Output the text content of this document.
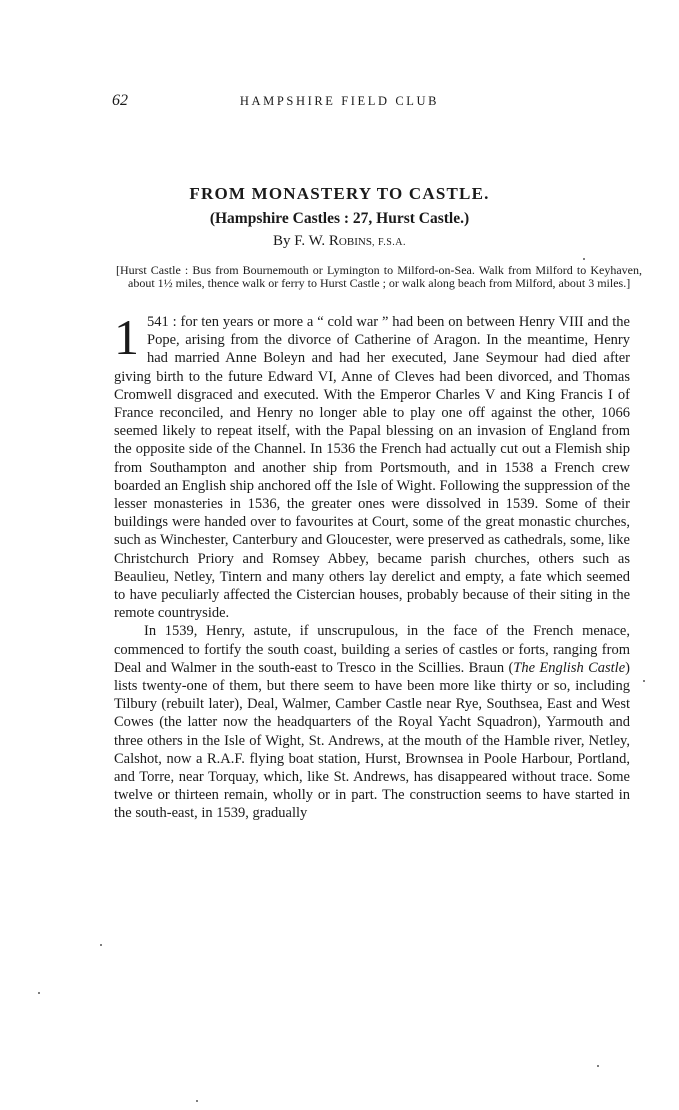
62	HAMPSHIRE FIELD CLUB
FROM MONASTERY TO CASTLE.
(Hampshire Castles : 27, Hurst Castle.)
By F. W. Robins, F.S.A.
[Hurst Castle : Bus from Bournemouth or Lymington to Milford-on-Sea. Walk from Milford to Keyhaven, about 1½ miles, thence walk or ferry to Hurst Castle ; or walk along beach from Milford, about 3 miles.]

1 541 : for ten years or more a “ cold war ” had been on between Henry VIII and the Pope, arising from the divorce of Catherine of Aragon. In the meantime, Henry had married Anne Boleyn and had her executed, Jane Seymour had died after giving birth to the future Edward VI, Anne of Cleves had been divorced, and Thomas Cromwell disgraced and executed. With the Emperor Charles V and King Francis I of France reconciled, and Henry no longer able to play one off against the other, 1066 seemed likely to repeat itself, with the Papal blessing on an invasion of England from the opposite side of the Channel. In 1536 the French had actually cut out a Flemish ship from Southampton and another ship from Portsmouth, and in 1538 a French crew boarded an English ship anchored off the Isle of Wight. Following the suppression of the lesser monasteries in 1536, the greater ones were dissolved in 1539. Some of their buildings were handed over to favourites at Court, some of the great monastic churches, such as Winchester, Canterbury and Gloucester, were preserved as cathedrals, some, like Christchurch Priory and Romsey Abbey, became parish churches, others such as Beaulieu, Netley, Tintern and many others lay derelict and empty, a fate which seemed to have peculiarly affected the Cistercian houses, probably because of their siting in the remote countryside.

In 1539, Henry, astute, if unscrupulous, in the face of the French menace, commenced to fortify the south coast, building a series of castles or forts, ranging from Deal and Walmer in the south-east to Tresco in the Scillies. Braun (The English Castle) lists twenty-one of them, but there seem to have been more like thirty or so, including Tilbury (rebuilt later), Deal, Walmer, Camber Castle near Rye, Southsea, East and West Cowes (the latter now the headquarters of the Royal Yacht Squadron), Yarmouth and three others in the Isle of Wight, St. Andrews, at the mouth of the Hamble river, Netley, Calshot, now a R.A.F. flying boat station, Hurst, Brownsea in Poole Harbour, Portland, and Torre, near Torquay, which, like St. Andrews, has disappeared without trace. Some twelve or thirteen remain, wholly or in part. The construction seems to have started in the south-east, in 1539, gradually
